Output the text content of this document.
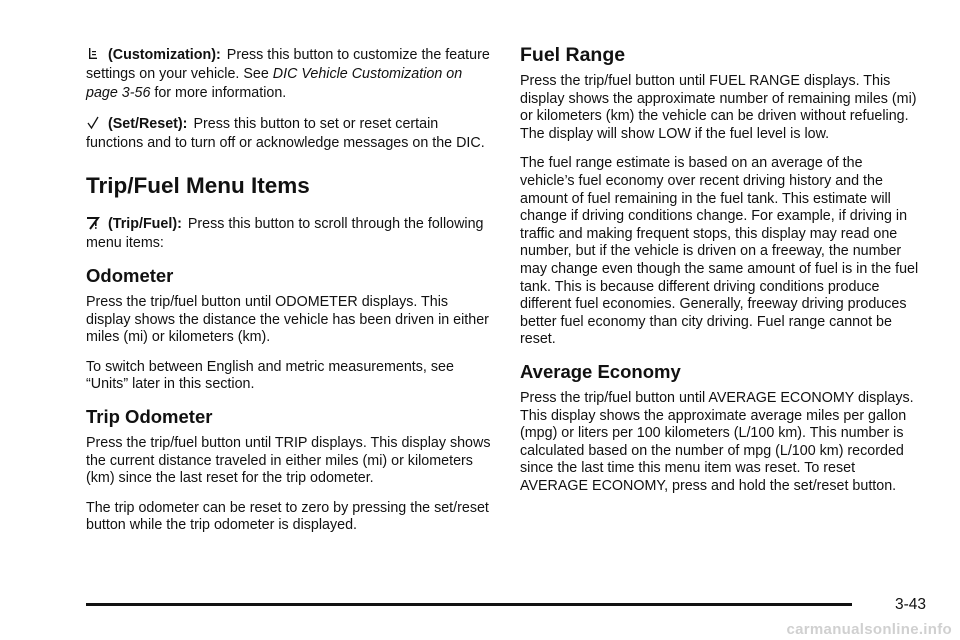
(Customization): Press this button to customize the feature settings on your vehicle. See DIC Vehicle Customization on page 3-56 for more information.

(Set/Reset): Press this button to set or reset certain functions and to turn off or acknowledge messages on the DIC.

Trip/Fuel Menu Items

(Trip/Fuel): Press this button to scroll through the following menu items:

Odometer

Press the trip/fuel button until ODOMETER displays. This display shows the distance the vehicle has been driven in either miles (mi) or kilometers (km).

To switch between English and metric measurements, see “Units” later in this section.

Trip Odometer

Press the trip/fuel button until TRIP displays. This display shows the current distance traveled in either miles (mi) or kilometers (km) since the last reset for the trip odometer.

The trip odometer can be reset to zero by pressing the set/reset button while the trip odometer is displayed.

Fuel Range

Press the trip/fuel button until FUEL RANGE displays. This display shows the approximate number of remaining miles (mi) or kilometers (km) the vehicle can be driven without refueling. The display will show LOW if the fuel level is low.

The fuel range estimate is based on an average of the vehicle’s fuel economy over recent driving history and the amount of fuel remaining in the fuel tank. This estimate will change if driving conditions change. For example, if driving in traffic and making frequent stops, this display may read one number, but if the vehicle is driven on a freeway, the number may change even though the same amount of fuel is in the fuel tank. This is because different driving conditions produce different fuel economies. Generally, freeway driving produces better fuel economy than city driving. Fuel range cannot be reset.

Average Economy

Press the trip/fuel button until AVERAGE ECONOMY displays. This display shows the approximate average miles per gallon (mpg) or liters per 100 kilometers (L/100 km). This number is calculated based on the number of mpg (L/100 km) recorded since the last time this menu item was reset. To reset AVERAGE ECONOMY, press and hold the set/reset button.

3-43
carmanualsonline.info
